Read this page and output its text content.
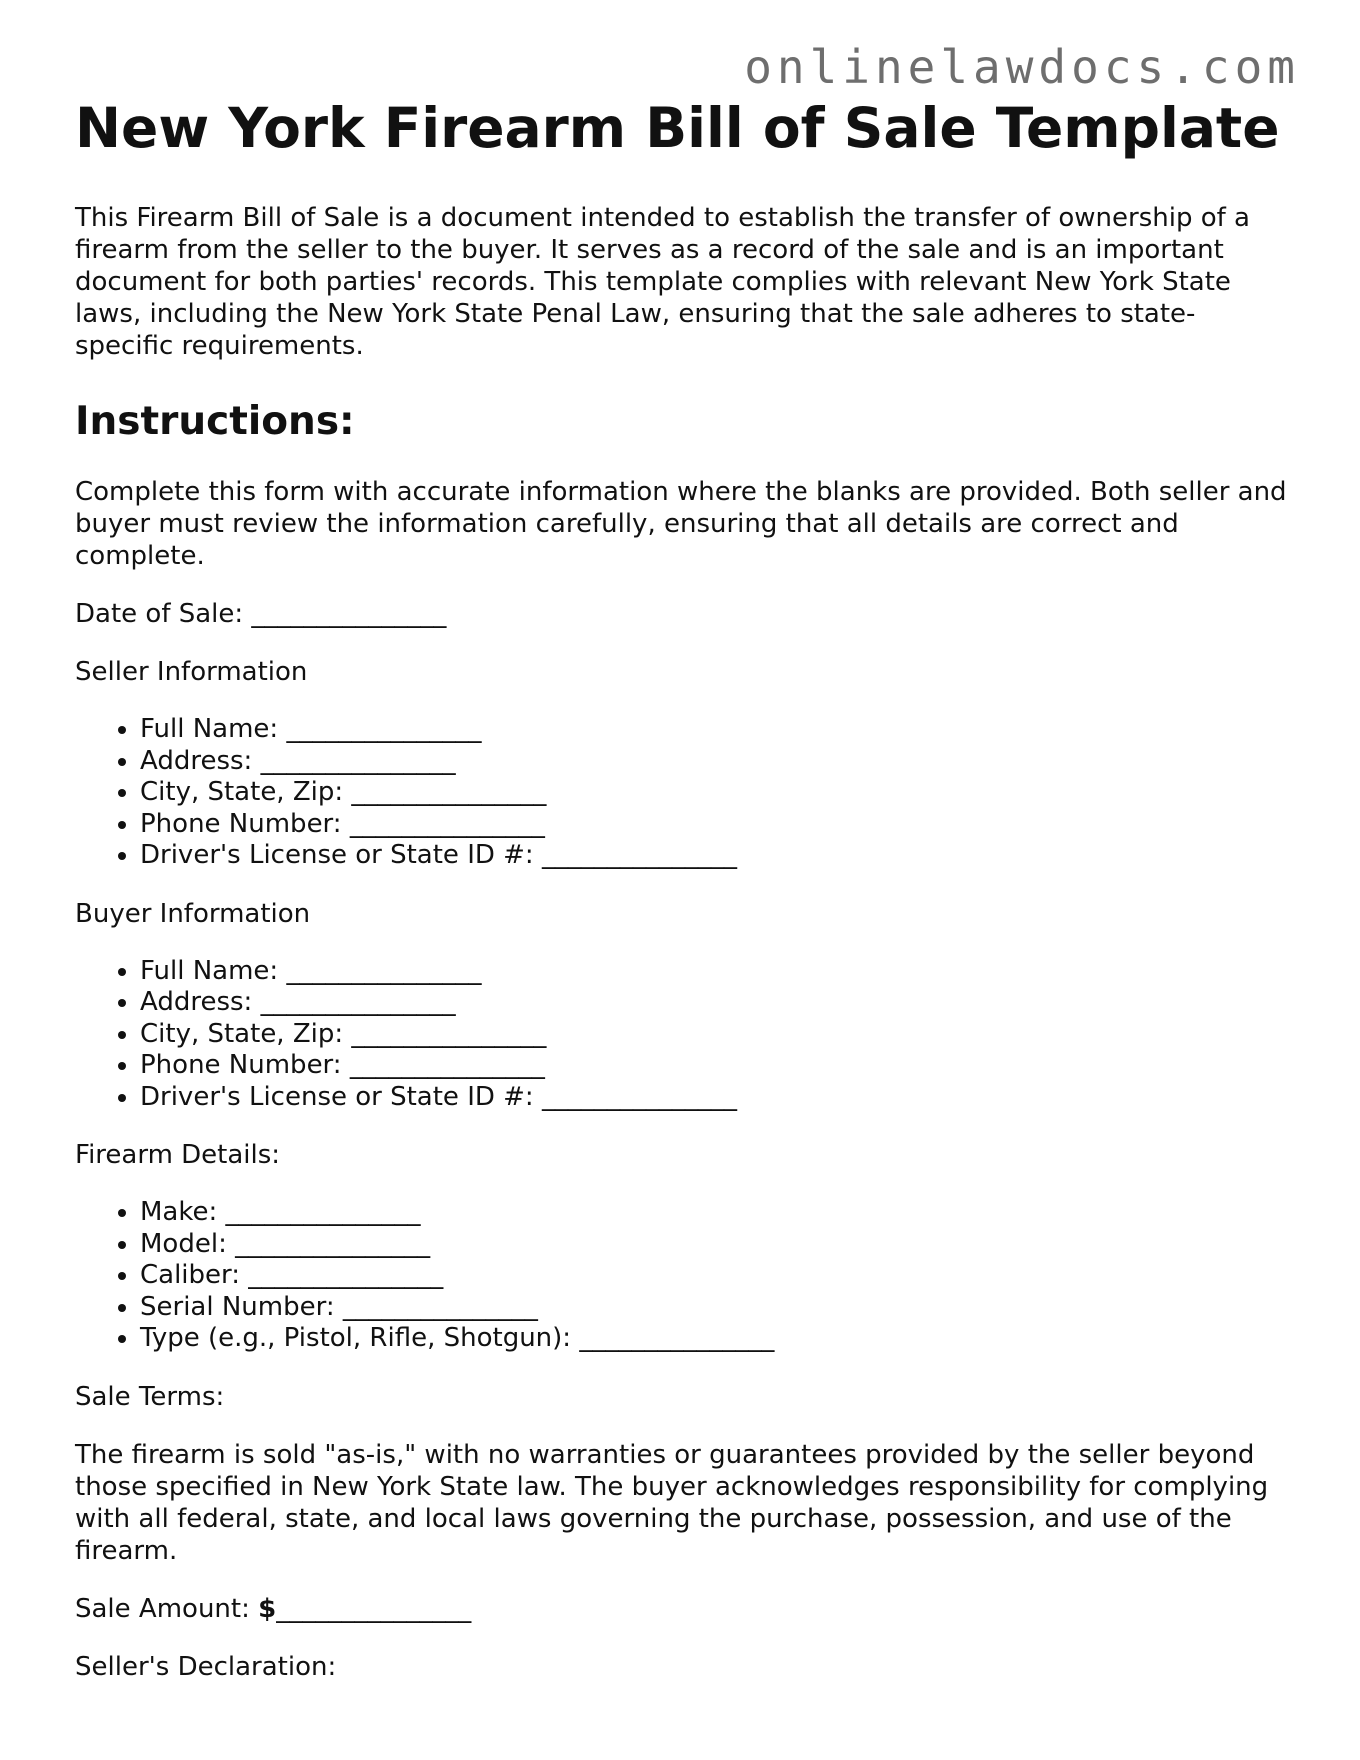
onlinelawdocs.com
New York Firearm Bill of Sale Template

This Firearm Bill of Sale is a document intended to establish the transfer of ownership of a firearm from the seller to the buyer. It serves as a record of the sale and is an important document for both parties' records. This template complies with relevant New York State laws, including the New York State Penal Law, ensuring that the sale adheres to state-specific requirements.

Instructions:

Complete this form with accurate information where the blanks are provided. Both seller and buyer must review the information carefully, ensuring that all details are correct and complete.

Date of Sale: _______________

Seller Information

• Full Name: _______________
• Address: _______________
• City, State, Zip: _______________
• Phone Number: _______________
• Driver's License or State ID #: _______________

Buyer Information

• Full Name: _______________
• Address: _______________
• City, State, Zip: _______________
• Phone Number: _______________
• Driver's License or State ID #: _______________

Firearm Details:

• Make: _______________
• Model: _______________
• Caliber: _______________
• Serial Number: _______________
• Type (e.g., Pistol, Rifle, Shotgun): _______________

Sale Terms:

The firearm is sold "as-is," with no warranties or guarantees provided by the seller beyond those specified in New York State law. The buyer acknowledges responsibility for complying with all federal, state, and local laws governing the purchase, possession, and use of the firearm.

Sale Amount: $_______________

Seller's Declaration:
